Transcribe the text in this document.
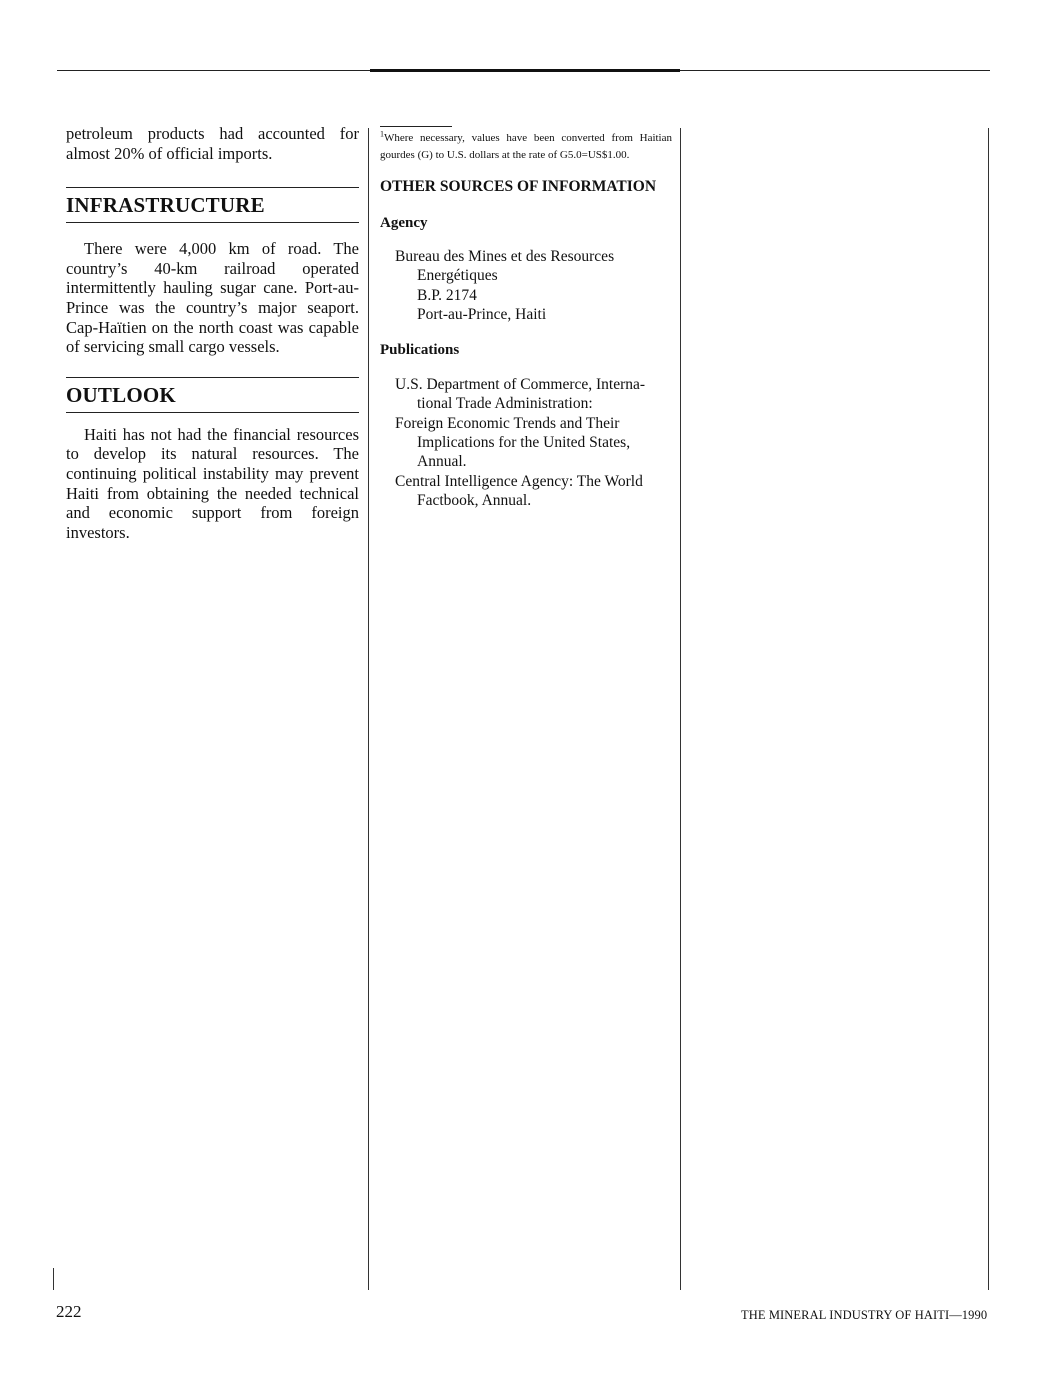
petroleum products had accounted for almost 20% of official imports.

INFRASTRUCTURE

There were 4,000 km of road. The country’s 40-km railroad operated intermittently hauling sugar cane. Port-au-Prince was the country’s major seaport. Cap-Haïtien on the north coast was capable of servicing small cargo vessels.

OUTLOOK

Haiti has not had the financial resources to develop its natural resources. The continuing political instability may prevent Haiti from obtaining the needed technical and economic support from foreign investors.

$^1$Where necessary, values have been converted from Haitian gourdes (G) to U.S. dollars at the rate of G5.0=US$1.00.

OTHER SOURCES OF INFORMATION
Agency
Bureau des Mines et des Resources
Energétiques
B.P. 2174
Port-au-Prince, Haiti
Publications
U.S. Department of Commerce, Interna-
tional Trade Administration:
Foreign Economic Trends and Their
Implications for the United States,
Annual.
Central Intelligence Agency: The World
Factbook, Annual.
222	THE MINERAL INDUSTRY OF HAITI—1990
